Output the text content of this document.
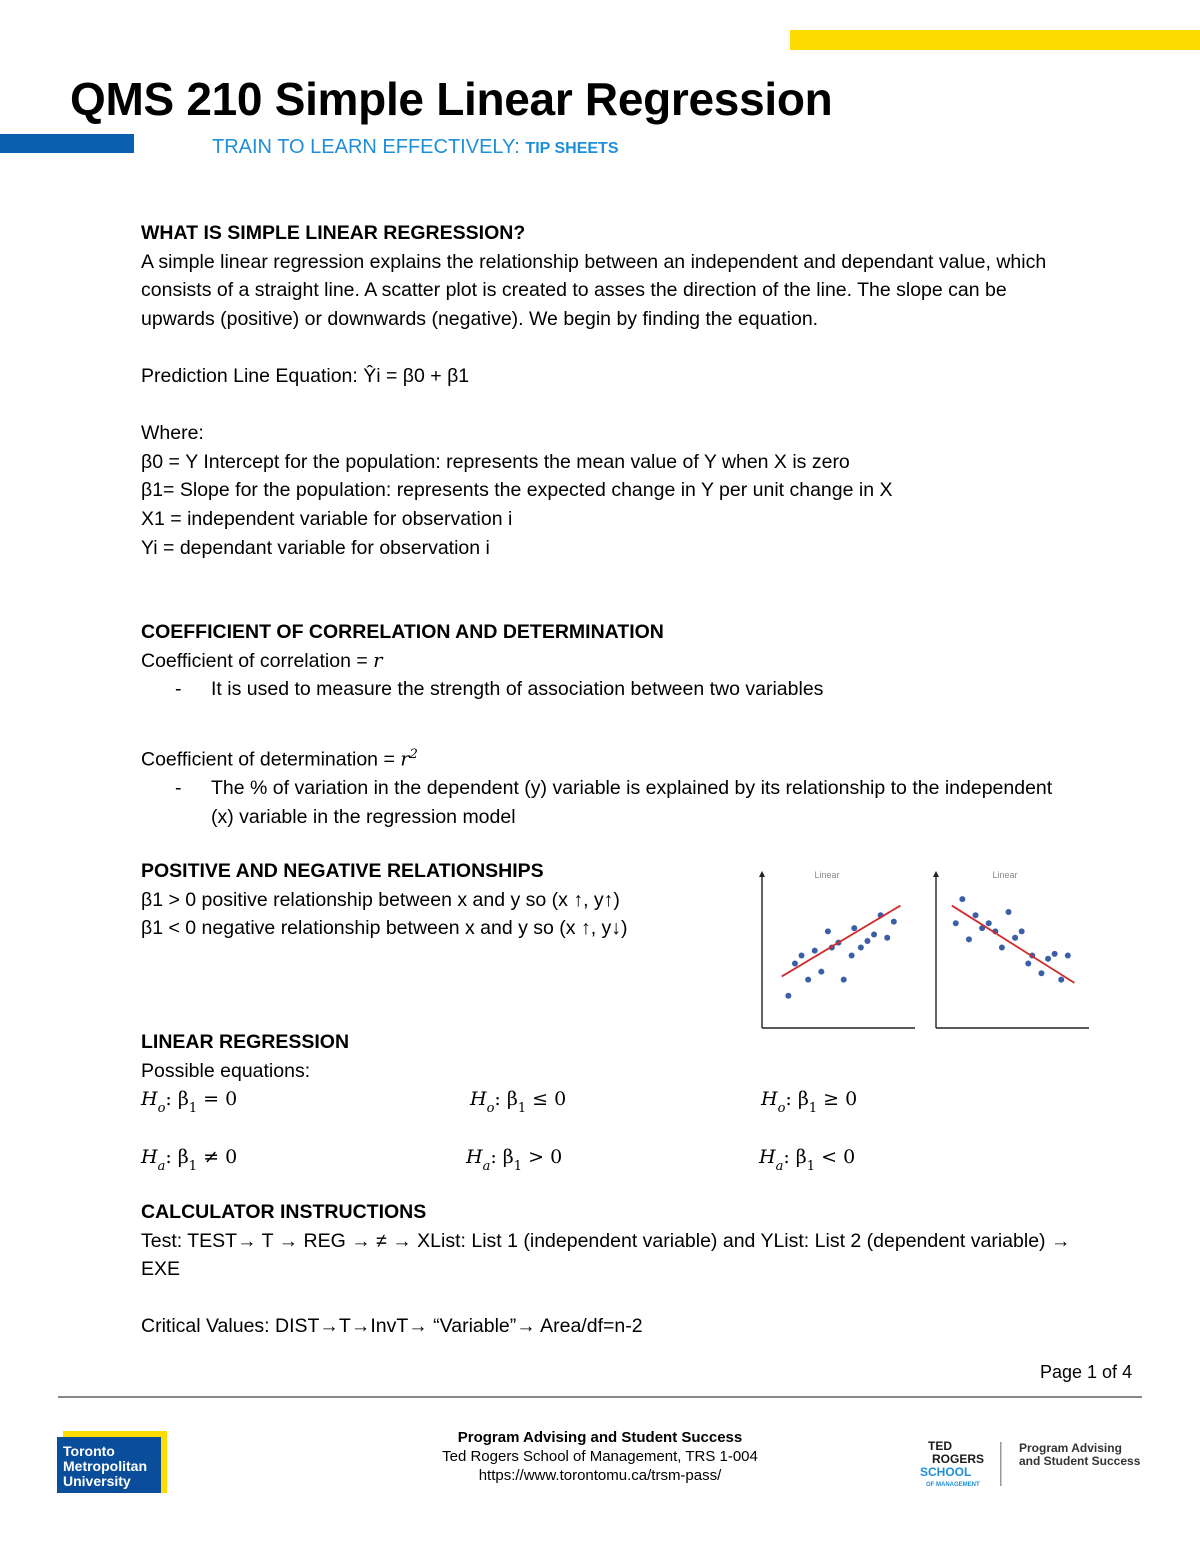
QMS 210 Simple Linear Regression
TRAIN TO LEARN EFFECTIVELY: TIP SHEETS

WHAT IS SIMPLE LINEAR REGRESSION?

A simple linear regression explains the relationship between an independent and dependant value, which consists of a straight line. A scatter plot is created to asses the direction of the line. The slope can be upwards (positive) or downwards (negative). We begin by finding the equation.

Prediction Line Equation: Ŷi = β0 + β1

Where:

β0 = Y Intercept for the population: represents the mean value of Y when X is zero

β1= Slope for the population: represents the expected change in Y per unit change in X

X1 = independent variable for observation i

Yi = dependant variable for observation i

COEFFICIENT OF CORRELATION AND DETERMINATION

Coefficient of correlation = r

- It is used to measure the strength of association between two variables

Coefficient of determination = $r^2$

- The % of variation in the dependent (y) variable is explained by its relationship to the independent (x) variable in the regression model

POSITIVE AND NEGATIVE RELATIONSHIPS

β1 > 0 positive relationship between x and y so (x ↑, y↑)

β1 < 0 negative relationship between x and y so (x ↑, y↓)

Linear	Linear

LINEAR REGRESSION

Possible equations:

$H_o$: $\beta_1 = 0$	$H_o$: $\beta_1 \le 0$	$H_o$: $\beta_1 \ge 0$
$H_a$: $\beta_1 \ne 0$	$H_a$: $\beta_1 > 0$	$H_a$: $\beta_1 < 0$

CALCULATOR INSTRUCTIONS

Test: TEST→ T → REG → ≠ → XList: List 1 (independent variable) and YList: List 2 (dependent variable) → EXE

Critical Values: DIST→T→InvT→ “Variable”→ Area/df=n-2

Page 1 of 4
Program Advising and Student Success
Ted Rogers School of Management, TRS 1-004
https://www.torontomu.ca/trsm-pass/
Toronto
Metropolitan
University
TED
ROGERS
SCHOOL
OF MANAGEMENT
Program Advising
and Student Success
